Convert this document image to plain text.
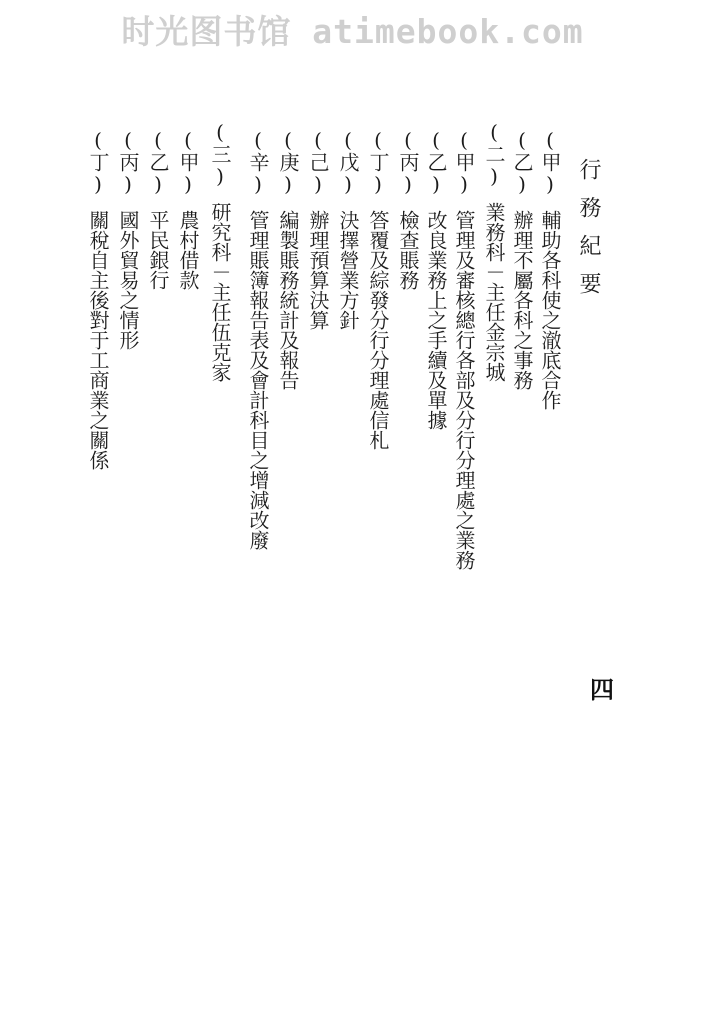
时光图书馆 atimebook.com
行務紀要
(甲)輔助各科使之澈底合作
(乙)辦理不屬各科之事務
(二)業務科－主任金宗城
(甲)管理及審核總行各部及分行分理處之業務
(乙)改良業務上之手續及單據
(丙)檢查賬務
(丁)答覆及綜發分行分理處信札
(戊)決擇營業方針
(己)辦理預算決算
(庚)編製賬務統計及報告
(辛)管理賬簿報告表及會計科目之增減改廢
(三)研究科－主任伍克家
(甲)農村借款
(乙)平民銀行
(丙)國外貿易之情形
(丁)關稅自主後對于工商業之關係
四
